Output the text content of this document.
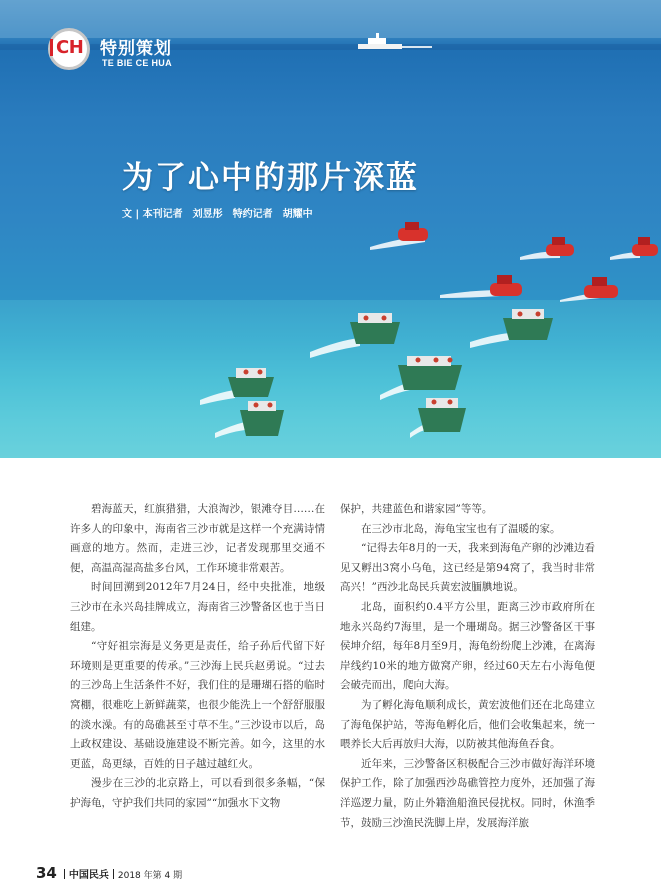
CH 特别策划
TE BIE CE HUA
为了心中的那片深蓝
文 | 本刊记者　刘昱彤　特约记者　胡耀中

碧海蓝天，红旗猎猎，大浪淘沙，银滩夺目……在许多人的印象中，海南省三沙市就是这样一个充满诗情画意的地方。然而，走进三沙，记者发现那里交通不便，高温高湿高盐多台风，工作环境非常艰苦。

时间回溯到2012年7月24日，经中央批准，地级三沙市在永兴岛挂牌成立，海南省三沙警备区也于当日组建。

“守好祖宗海是义务更是责任，给子孙后代留下好环境则是更重要的传承。”三沙海上民兵赵勇说。“过去的三沙岛上生活条件不好，我们住的是珊瑚石搭的临时窝棚，很难吃上新鲜蔬菜，也很少能洗上一个舒舒服服的淡水澡。有的岛礁甚至寸草不生。”三沙设市以后，岛上政权建设、基础设施建设不断完善。如今，这里的水更蓝，岛更绿，百姓的日子越过越红火。

漫步在三沙的北京路上，可以看到很多条幅，“保护海龟，守护我们共同的家园”“加强水下文物

保护，共建蓝色和谐家园”等等。

在三沙市北岛，海龟宝宝也有了温暖的家。

“记得去年8月的一天，我来到海龟产卵的沙滩边看见又孵出3窝小乌龟，这已经是第94窝了，我当时非常高兴！”西沙北岛民兵黄宏波腼腆地说。

北岛，面积约0.4平方公里，距离三沙市政府所在地永兴岛约7海里，是一个珊瑚岛。据三沙警备区干事侯坤介绍，每年8月至9月，海龟纷纷爬上沙滩，在离海岸线约10米的地方做窝产卵，经过60天左右小海龟便会破壳而出，爬向大海。

为了孵化海龟顺利成长，黄宏波他们还在北岛建立了海龟保护站，等海龟孵化后，他们会收集起来，统一喂养长大后再放归大海，以防被其他海鱼吞食。

近年来，三沙警备区积极配合三沙市做好海洋环境保护工作，除了加强西沙岛礁管控力度外，还加强了海洋巡逻力量，防止外籍渔船渔民侵扰权。同时，休渔季节，鼓励三沙渔民洗脚上岸，发展海洋旅

34 中国民兵 2018 年第 4 期
